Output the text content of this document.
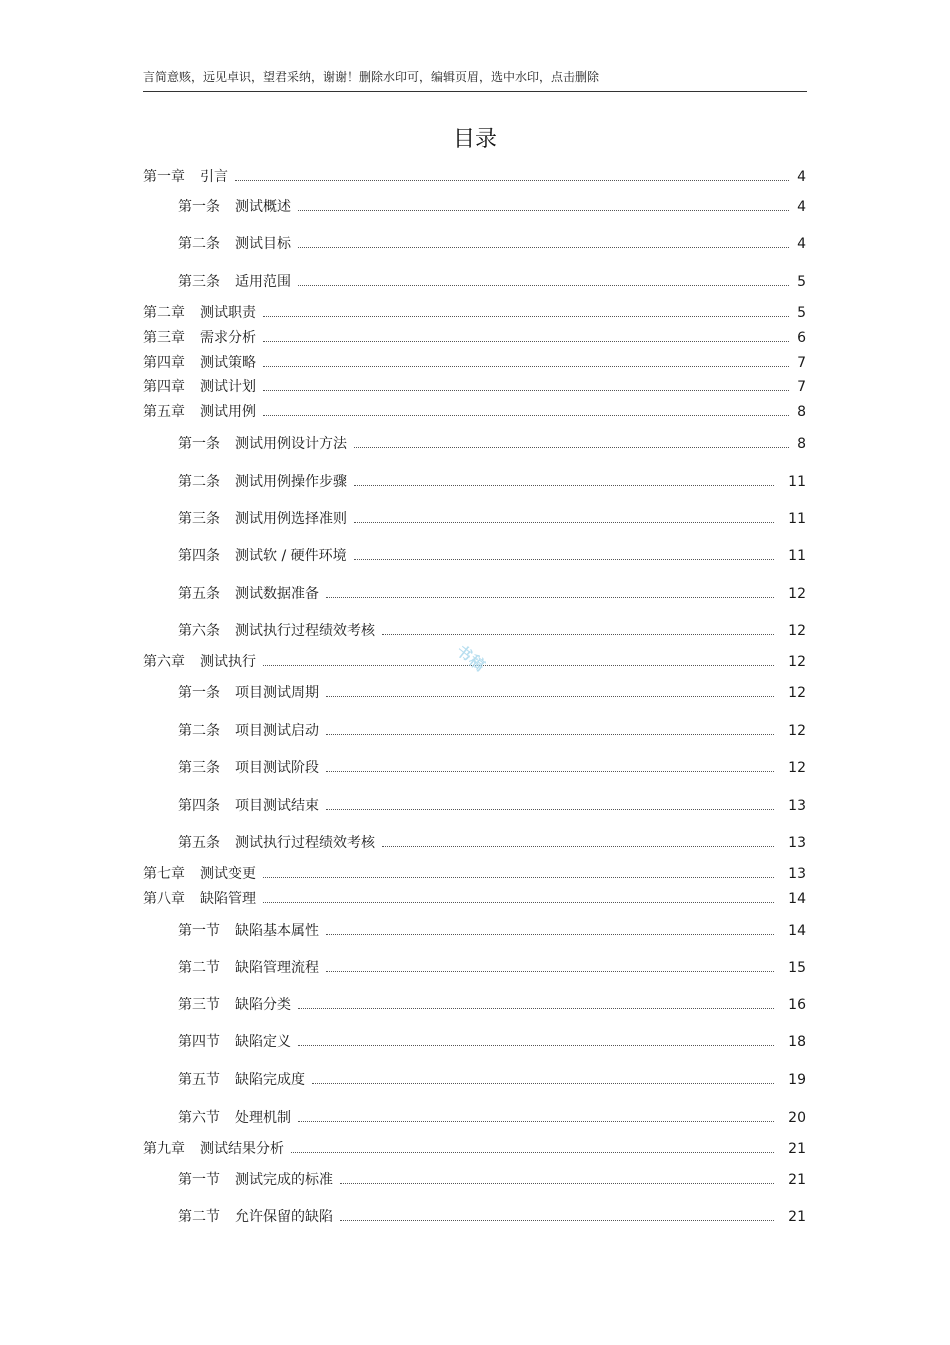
言简意赅，远见卓识，望君采纳，谢谢！删除水印可，编辑页眉，选中水印，点击删除
目录
第一章 引言	4
第一条 测试概述	4
第二条 测试目标	4
第三条 适用范围	5
第二章 测试职责	5
第三章 需求分析	6
第四章 测试策略	7
第四章 测试计划	7
第五章 测试用例	8
第一条 测试用例设计方法	8
第二条 测试用例操作步骤	11
第三条 测试用例选择准则	11
第四条 测试软 / 硬件环境	11
第五条 测试数据准备	12
第六条 测试执行过程绩效考核	12
第六章 测试执行	12
第一条 项目测试周期	12
第二条 项目测试启动	12
第三条 项目测试阶段	12
第四条 项目测试结束	13
第五条 测试执行过程绩效考核	13
第七章 测试变更	13
第八章 缺陷管理	14
第一节 缺陷基本属性	14
第二节 缺陷管理流程	15
第三节 缺陷分类	16
第四节 缺陷定义	18
第五节 缺陷完成度	19
第六节 处理机制	20
第九章 测试结果分析	21
第一节 测试完成的标准	21
第二节 允许保留的缺陷	21
书稿
